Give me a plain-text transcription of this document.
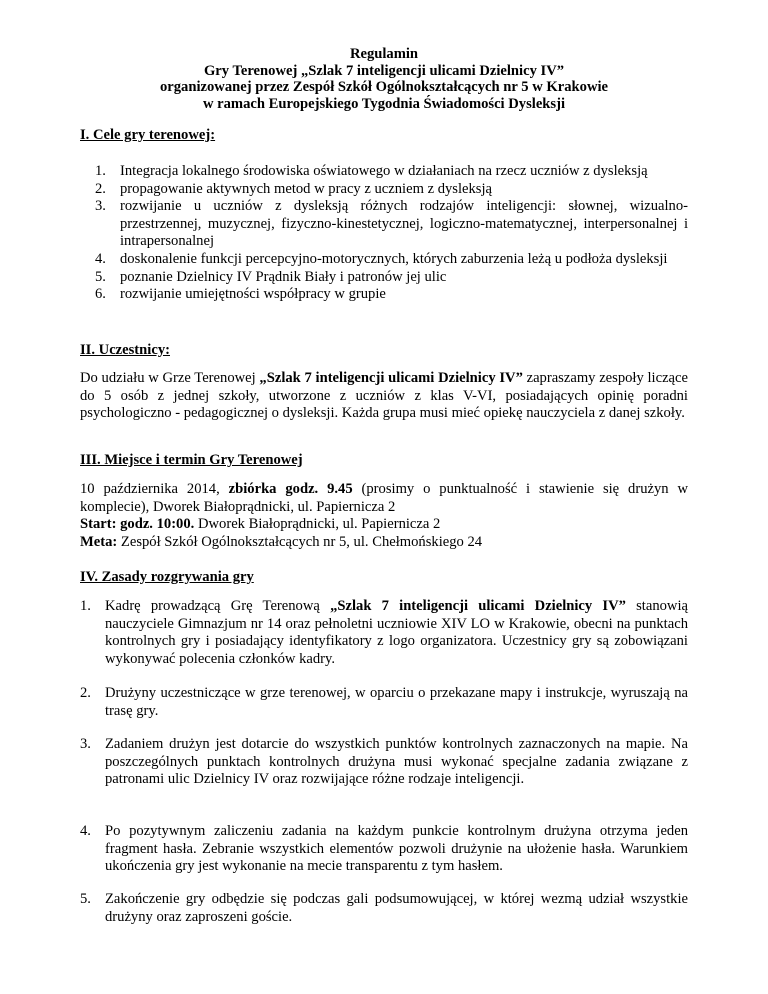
Regulamin
Gry Terenowej „Szlak 7 inteligencji ulicami Dzielnicy IV”
organizowanej przez Zespół Szkół Ogólnokształcących nr 5 w Krakowie
w ramach Europejskiego Tygodnia Świadomości Dysleksji
I. Cele gry terenowej:
1. Integracja lokalnego środowiska oświatowego w działaniach na rzecz uczniów z dysleksją
2. propagowanie aktywnych metod w pracy z uczniem z dysleksją
3. rozwijanie u uczniów z dysleksją różnych rodzajów inteligencji: słownej, wizualno-przestrzennej, muzycznej, fizyczno-kinestetycznej, logiczno-matematycznej, interpersonalnej i intrapersonalnej
4. doskonalenie funkcji percepcyjno-motorycznych, których zaburzenia leżą u podłoża dysleksji
5. poznanie Dzielnicy IV Prądnik Biały i patronów jej ulic
6. rozwijanie umiejętności współpracy w grupie
II. Uczestnicy:
Do udziału w Grze Terenowej „Szlak 7 inteligencji ulicami Dzielnicy IV” zapraszamy zespoły liczące do 5 osób z jednej szkoły, utworzone z uczniów z klas V-VI, posiadających opinię poradni psychologiczno - pedagogicznej o dysleksji. Każda grupa musi mieć opiekę nauczyciela z danej szkoły.
III. Miejsce i termin Gry Terenowej
10 października 2014, zbiórka godz. 9.45 (prosimy o punktualność i stawienie się drużyn w komplecie), Dworek Białoprądnicki, ul. Papiernicza 2
Start: godz. 10:00. Dworek Białoprądnicki, ul. Papiernicza 2
Meta: Zespół Szkół Ogólnokształcących nr 5, ul. Chełmońskiego 24
IV. Zasady rozgrywania gry
1. Kadrę prowadzącą Grę Terenową „Szlak 7 inteligencji ulicami Dzielnicy IV” stanowią nauczyciele Gimnazjum nr 14 oraz pełnoletni uczniowie XIV LO w Krakowie, obecni na punktach kontrolnych gry i posiadający identyfikatory z logo organizatora. Uczestnicy gry są zobowiązani wykonywać polecenia członków kadry.
2. Drużyny uczestniczące w grze terenowej, w oparciu o przekazane mapy i instrukcje, wyruszają na trasę gry.
3. Zadaniem drużyn jest dotarcie do wszystkich punktów kontrolnych zaznaczonych na mapie. Na poszczególnych punktach kontrolnych drużyna musi wykonać specjalne zadania związane z patronami ulic Dzielnicy IV oraz rozwijające różne rodzaje inteligencji.
4. Po pozytywnym zaliczeniu zadania na każdym punkcie kontrolnym drużyna otrzyma jeden fragment hasła. Zebranie wszystkich elementów pozwoli drużynie na ułożenie hasła. Warunkiem ukończenia gry jest wykonanie na mecie transparentu z tym hasłem.
5. Zakończenie gry odbędzie się podczas gali podsumowującej, w której wezmą udział wszystkie drużyny oraz zaproszeni goście.
